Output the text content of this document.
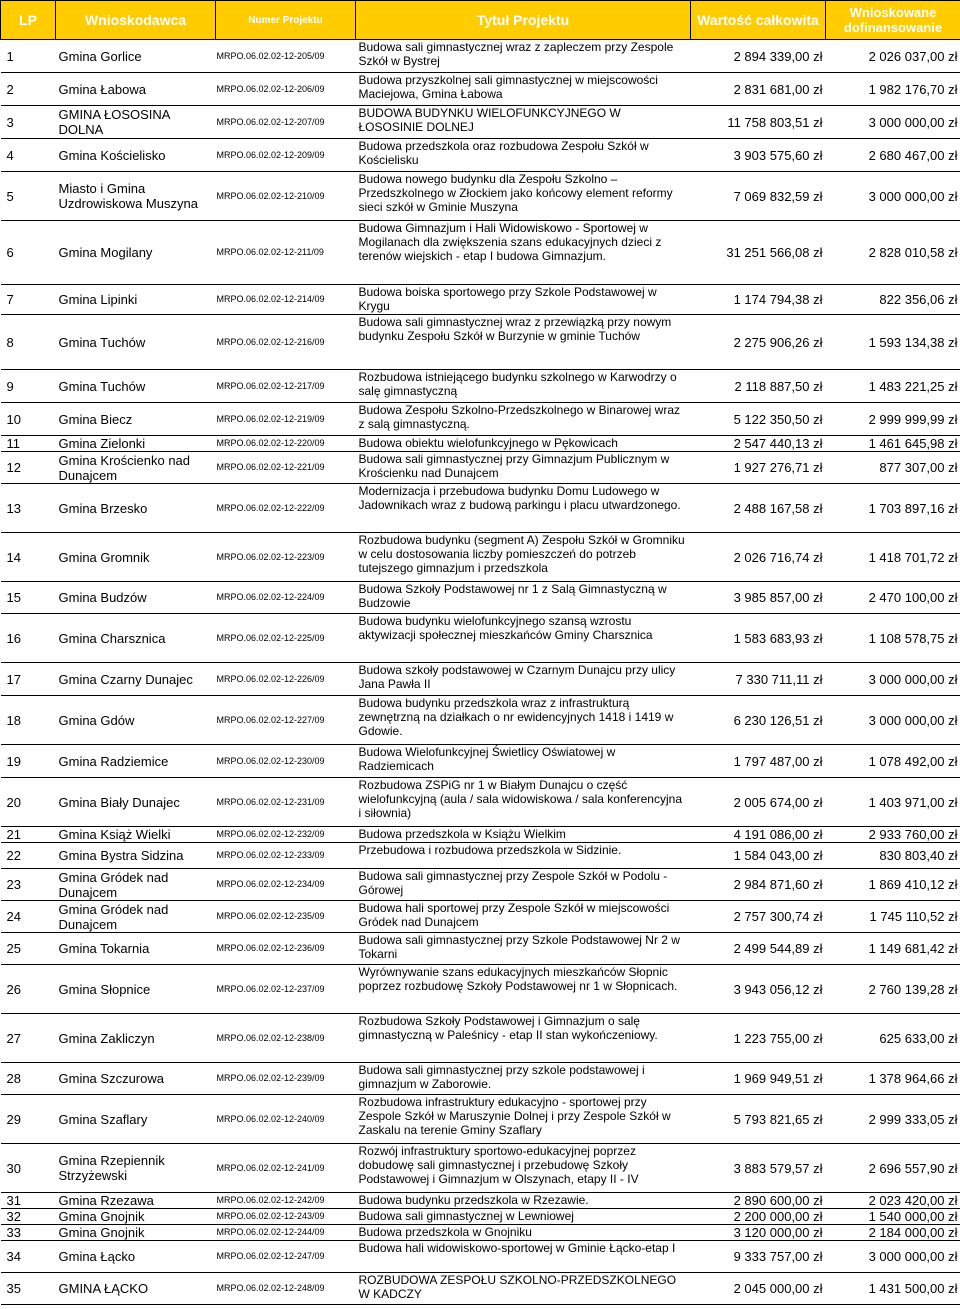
LP	Wnioskodawca	Numer Projektu	Tytuł Projektu	Wartość całkowita	Wnioskowane dofinansowanie
1	Gmina Gorlice	MRPO.06.02.02-12-205/09	Budowa sali gimnastycznej wraz z zapleczem przy Zespole Szkół w Bystrej	2 894 339,00 zł	2 026 037,00 zł
2	Gmina Łabowa	MRPO.06.02.02-12-206/09	Budowa przyszkolnej sali gimnastycznej w miejscowości Maciejowa, Gmina Łabowa	2 831 681,00 zł	1 982 176,70 zł
3	GMINA ŁOSOSINA DOLNA	MRPO.06.02.02-12-207/09	BUDOWA BUDYNKU WIELOFUNKCYJNEGO W ŁOSOSINIE DOLNEJ	11 758 803,51 zł	3 000 000,00 zł
4	Gmina Kościelisko	MRPO.06.02.02-12-209/09	Budowa przedszkola oraz rozbudowa Zespołu Szkół w Kościelisku	3 903 575,60 zł	2 680 467,00 zł
5	Miasto i Gmina Uzdrowiskowa Muszyna	MRPO.06.02.02-12-210/09	Budowa nowego budynku dla Zespołu Szkolno – Przedszkolnego w Złockiem jako końcowy element reformy sieci szkół w Gminie Muszyna	7 069 832,59 zł	3 000 000,00 zł
6	Gmina Mogilany	MRPO.06.02.02-12-211/09	Budowa Gimnazjum i Hali Widowiskowo - Sportowej w Mogilanach dla zwiększenia szans edukacyjnych dzieci z terenów wiejskich - etap I budowa Gimnazjum.	31 251 566,08 zł	2 828 010,58 zł
7	Gmina Lipinki	MRPO.06.02.02-12-214/09	Budowa boiska sportowego przy Szkole Podstawowej w Krygu	1 174 794,38 zł	822 356,06 zł
8	Gmina Tuchów	MRPO.06.02.02-12-216/09	Budowa sali gimnastycznej wraz z przewiązką przy nowym budynku Zespołu Szkół w Burzynie w gminie Tuchów	2 275 906,26 zł	1 593 134,38 zł
9	Gmina Tuchów	MRPO.06.02.02-12-217/09	Rozbudowa istniejącego budynku szkolnego w Karwodrzy o salę gimnastyczną	2 118 887,50 zł	1 483 221,25 zł
10	Gmina Biecz	MRPO.06.02.02-12-219/09	Budowa Zespołu Szkolno-Przedszkolnego w Binarowej wraz z salą gimnastyczną.	5 122 350,50 zł	2 999 999,99 zł
11	Gmina Zielonki	MRPO.06.02.02-12-220/09	Budowa obiektu wielofunkcyjnego w Pękowicach	2 547 440,13 zł	1 461 645,98 zł
12	Gmina Krościenko nad Dunajcem	MRPO.06.02.02-12-221/09	Budowa sali gimnastycznej przy Gimnazjum Publicznym w Krościenku nad Dunajcem	1 927 276,71 zł	877 307,00 zł
13	Gmina Brzesko	MRPO.06.02.02-12-222/09	Modernizacja i przebudowa budynku Domu Ludowego w Jadownikach wraz z budową parkingu i placu utwardzonego.	2 488 167,58 zł	1 703 897,16 zł
14	Gmina Gromnik	MRPO.06.02.02-12-223/09	Rozbudowa budynku (segment A) Zespołu Szkół w Gromniku w celu dostosowania liczby pomieszczeń do potrzeb tutejszego gimnazjum i przedszkola	2 026 716,74 zł	1 418 701,72 zł
15	Gmina Budzów	MRPO.06.02.02-12-224/09	Budowa Szkoły Podstawowej nr 1 z Salą Gimnastyczną w Budzowie	3 985 857,00 zł	2 470 100,00 zł
16	Gmina Charsznica	MRPO.06.02.02-12-225/09	Budowa budynku wielofunkcyjnego szansą wzrostu aktywizacji społecznej mieszkańców Gminy Charsznica	1 583 683,93 zł	1 108 578,75 zł
17	Gmina Czarny Dunajec	MRPO.06.02.02-12-226/09	Budowa szkoły podstawowej w Czarnym Dunajcu przy ulicy Jana Pawła II	7 330 711,11 zł	3 000 000,00 zł
18	Gmina Gdów	MRPO.06.02.02-12-227/09	Budowa budynku przedszkola wraz z infrastrukturą zewnętrzną na działkach o nr ewidencyjnych 1418 i 1419 w Gdowie.	6 230 126,51 zł	3 000 000,00 zł
19	Gmina Radziemice	MRPO.06.02.02-12-230/09	Budowa Wielofunkcyjnej Świetlicy Oświatowej w Radziemicach	1 797 487,00 zł	1 078 492,00 zł
20	Gmina Biały Dunajec	MRPO.06.02.02-12-231/09	Rozbudowa ZSPiG nr 1 w Białym Dunajcu o część wielofunkcyjną (aula / sala widowiskowa / sala konferencyjna i siłownia)	2 005 674,00 zł	1 403 971,00 zł
21	Gmina Książ Wielki	MRPO.06.02.02-12-232/09	Budowa przedszkola w Książu Wielkim	4 191 086,00 zł	2 933 760,00 zł
22	Gmina Bystra Sidzina	MRPO.06.02.02-12-233/09	Przebudowa i rozbudowa przedszkola w Sidzinie.	1 584 043,00 zł	830 803,40 zł
23	Gmina Gródek nad Dunajcem	MRPO.06.02.02-12-234/09	Budowa sali gimnastycznej przy Zespole Szkół w Podolu - Górowej	2 984 871,60 zł	1 869 410,12 zł
24	Gmina Gródek nad Dunajcem	MRPO.06.02.02-12-235/09	Budowa hali sportowej przy Zespole Szkół w miejscowości Gródek nad Dunajcem	2 757 300,74 zł	1 745 110,52 zł
25	Gmina Tokarnia	MRPO.06.02.02-12-236/09	Budowa sali gimnastycznej przy Szkole Podstawowej Nr 2 w Tokarni	2 499 544,89 zł	1 149 681,42 zł
26	Gmina Słopnice	MRPO.06.02.02-12-237/09	Wyrównywanie szans edukacyjnych mieszkańców Słopnic poprzez rozbudowę Szkoły Podstawowej nr 1 w Słopnicach.	3 943 056,12 zł	2 760 139,28 zł
27	Gmina Zakliczyn	MRPO.06.02.02-12-238/09	Rozbudowa Szkoły Podstawowej i Gimnazjum o salę gimnastyczną w Paleśnicy - etap II stan wykończeniowy.	1 223 755,00 zł	625 633,00 zł
28	Gmina Szczurowa	MRPO.06.02.02-12-239/09	Budowa sali gimnastycznej przy szkole podstawowej i gimnazjum w Zaborowie.	1 969 949,51 zł	1 378 964,66 zł
29	Gmina Szaflary	MRPO.06.02.02-12-240/09	Rozbudowa infrastruktury edukacyjno - sportowej przy Zespole Szkół w Maruszynie Dolnej i przy Zespole Szkół w Zaskalu na terenie Gminy Szaflary	5 793 821,65 zł	2 999 333,05 zł
30	Gmina Rzepiennik Strzyżewski	MRPO.06.02.02-12-241/09	Rozwój infrastruktury sportowo-edukacyjnej poprzez dobudowę sali gimnastycznej i przebudowę Szkoły Podstawowej i Gimnazjum w Olszynach, etapy II - IV	3 883 579,57 zł	2 696 557,90 zł
31	Gmina Rzezawa	MRPO.06.02.02-12-242/09	Budowa budynku przedszkola w Rzezawie.	2 890 600,00 zł	2 023 420,00 zł
32	Gmina Gnojnik	MRPO.06.02.02-12-243/09	Budowa sali gimnastycznej w Lewniowej	2 200 000,00 zł	1 540 000,00 zł
33	Gmina Gnojnik	MRPO.06.02.02-12-244/09	Budowa przedszkola w Gnojniku	3 120 000,00 zł	2 184 000,00 zł
34	Gmina Łącko	MRPO.06.02.02-12-247/09	Budowa hali widowiskowo-sportowej w Gminie Łącko-etap I	9 333 757,00 zł	3 000 000,00 zł
35	GMINA ŁĄCKO	MRPO.06.02.02-12-248/09	ROZBUDOWA ZESPOŁU SZKOLNO-PRZEDSZKOLNEGO W KADCZY	2 045 000,00 zł	1 431 500,00 zł
